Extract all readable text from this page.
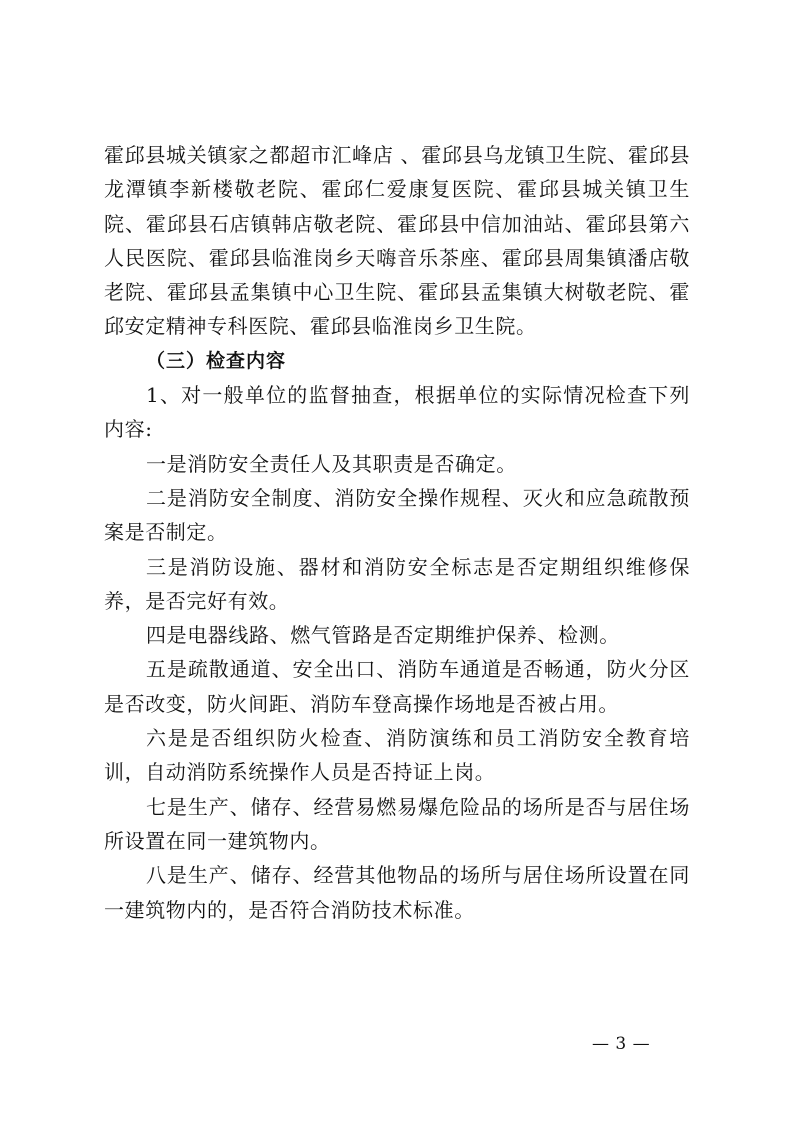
霍邱县城关镇家之都超市汇峰店 、霍邱县乌龙镇卫生院、霍邱县龙潭镇李新楼敬老院、霍邱仁爱康复医院、霍邱县城关镇卫生院、霍邱县石店镇韩店敬老院、霍邱县中信加油站、霍邱县第六人民医院、霍邱县临淮岗乡天嗨音乐茶座、霍邱县周集镇潘店敬老院、霍邱县孟集镇中心卫生院、霍邱县孟集镇大树敬老院、霍邱安定精神专科医院、霍邱县临淮岗乡卫生院。

（三）检查内容

1、对一般单位的监督抽查，根据单位的实际情况检查下列内容:

一是消防安全责任人及其职责是否确定。

二是消防安全制度、消防安全操作规程、灭火和应急疏散预案是否制定。

三是消防设施、器材和消防安全标志是否定期组织维修保养，是否完好有效。

四是电器线路、燃气管路是否定期维护保养、检测。

五是疏散通道、安全出口、消防车通道是否畅通，防火分区是否改变，防火间距、消防车登高操作场地是否被占用。

六是是否组织防火检查、消防演练和员工消防安全教育培训，自动消防系统操作人员是否持证上岗。

七是生产、储存、经营易燃易爆危险品的场所是否与居住场所设置在同一建筑物内。

八是生产、储存、经营其他物品的场所与居住场所设置在同一建筑物内的，是否符合消防技术标准。

— 3 —
